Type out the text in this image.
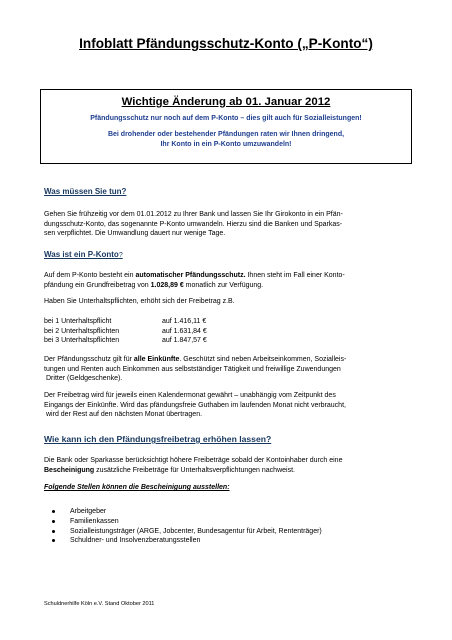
Infoblatt Pfändungsschutz-Konto („P-Konto“)
Wichtige Änderung ab 01. Januar 2012
Pfändungsschutz nur noch auf dem P-Konto – dies gilt auch für Sozialleistungen!
Bei drohender oder bestehender Pfändungen raten wir Ihnen dringend,
Ihr Konto in ein P-Konto umzuwandeln!
Was müssen Sie tun?
Gehen Sie frühzeitig vor dem 01.01.2012 zu Ihrer Bank und lassen Sie Ihr Girokonto in ein Pfän-
dungsschutz-Konto, das sogenannte P-Konto umwandeln. Hierzu sind die Banken und Sparkas-
sen verpflichtet. Die Umwandlung dauert nur wenige Tage.
Was ist ein P-Konto?
Auf dem P-Konto besteht ein automatischer Pfändungsschutz. Ihnen steht im Fall einer Konto-
pfändung ein Grundfreibetrag von 1.028,89 € monatlich zur Verfügung.
Haben Sie Unterhaltspflichten, erhöht sich der Freibetrag z.B.
bei 1 Unterhaltspflicht	auf 1.416,11 €
bei 2 Unterhaltspflichten	auf 1.631,84 €
bei 3 Unterhaltspflichten	auf 1.847,57 €
Der Pfändungsschutz gilt für alle Einkünfte. Geschützt sind neben Arbeitseinkommen, Sozialleis-
tungen und Renten auch Einkommen aus selbstständiger Tätigkeit und freiwillige Zuwendungen
Dritter (Geldgeschenke).
Der Freibetrag wird für jeweils einen Kalendermonat gewährt – unabhängig vom Zeitpunkt des
Eingangs der Einkünfte. Wird das pfändungsfreie Guthaben im laufenden Monat nicht verbraucht,
wird der Rest auf den nächsten Monat übertragen.
Wie kann ich den Pfändungsfreibetrag erhöhen lassen?
Die Bank oder Sparkasse berücksichtigt höhere Freibeträge sobald der Kontoinhaber durch eine
Bescheinigung zusätzliche Freibeträge für Unterhaltsverpflichtungen nachweist.
Folgende Stellen können die Bescheinigung ausstellen:
Arbeitgeber
Familienkassen
Sozialleistungsträger (ARGE, Jobcenter, Bundesagentur für Arbeit, Rententräger)
Schuldner- und Insolvenzberatungsstellen
Schuldnerhilfe Köln e.V. Stand Oktober 2011
